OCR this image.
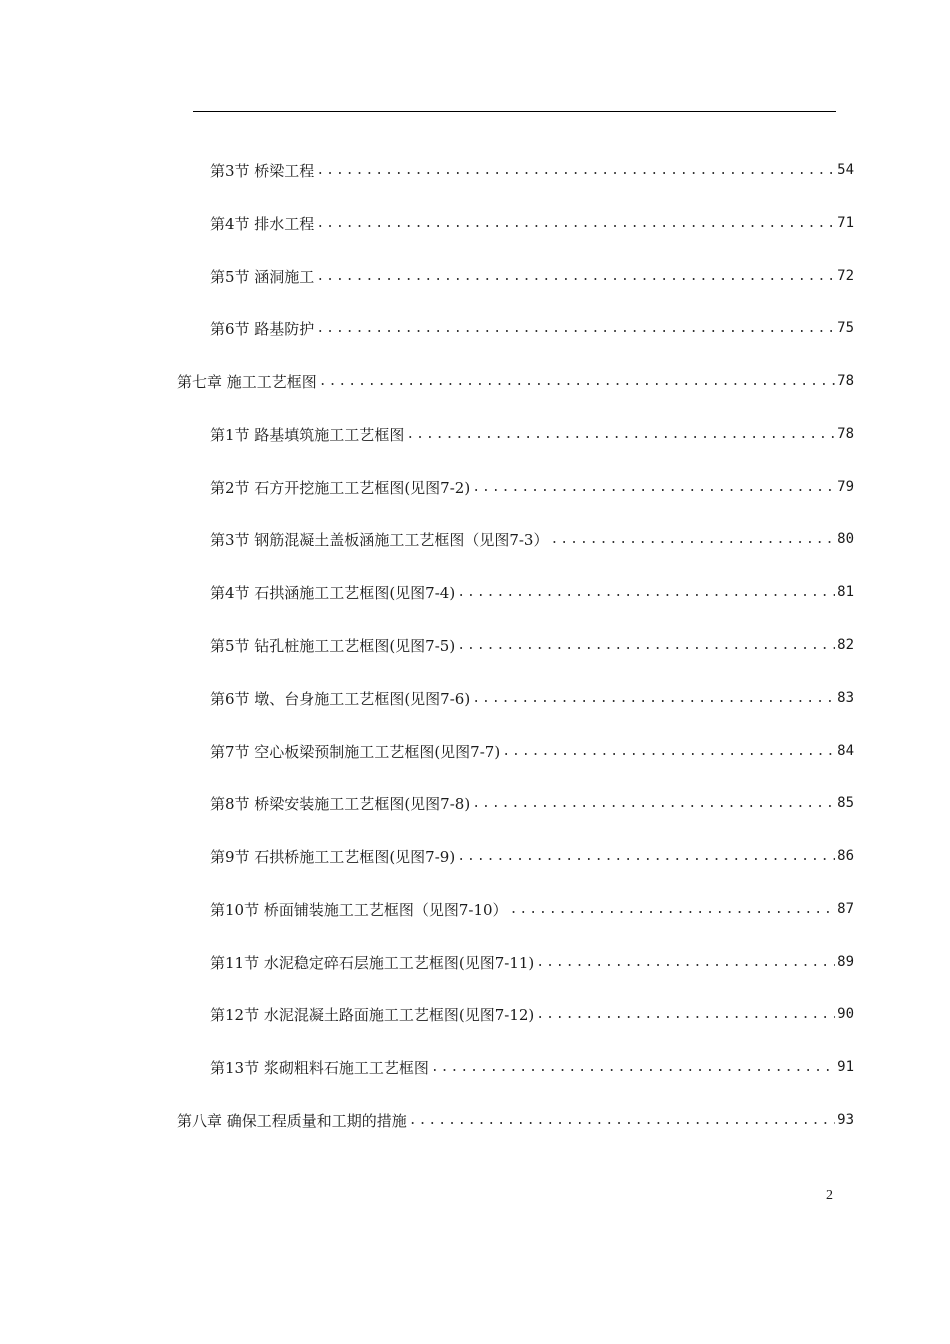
第3节 桥梁工程 .....	54
第4节 排水工程 .....	71
第5节 涵洞施工 .....	72
第6节 路基防护 .....	75
第七章 施工工艺框图 .....	78
第1节 路基填筑施工工艺框图 .....	78
第2节 石方开挖施工工艺框图(见图7-2) .....	79
第3节 钢筋混凝土盖板涵施工工艺框图（见图7-3） .....	80
第4节 石拱涵施工工艺框图(见图7-4) .....	81
第5节 钻孔桩施工工艺框图(见图7-5) .....	82
第6节 墩、台身施工工艺框图(见图7-6) .....	83
第7节 空心板梁预制施工工艺框图(见图7-7) .....	84
第8节 桥梁安装施工工艺框图(见图7-8) .....	85
第9节 石拱桥施工工艺框图(见图7-9) .....	86
第10节 桥面铺装施工工艺框图（见图7-10） .....	87
第11节 水泥稳定碎石层施工工艺框图(见图7-11) .....	89
第12节 水泥混凝土路面施工工艺框图(见图7-12) .....	90
第13节 浆砌粗料石施工工艺框图 .....	91
第八章 确保工程质量和工期的措施 .....	93
2
